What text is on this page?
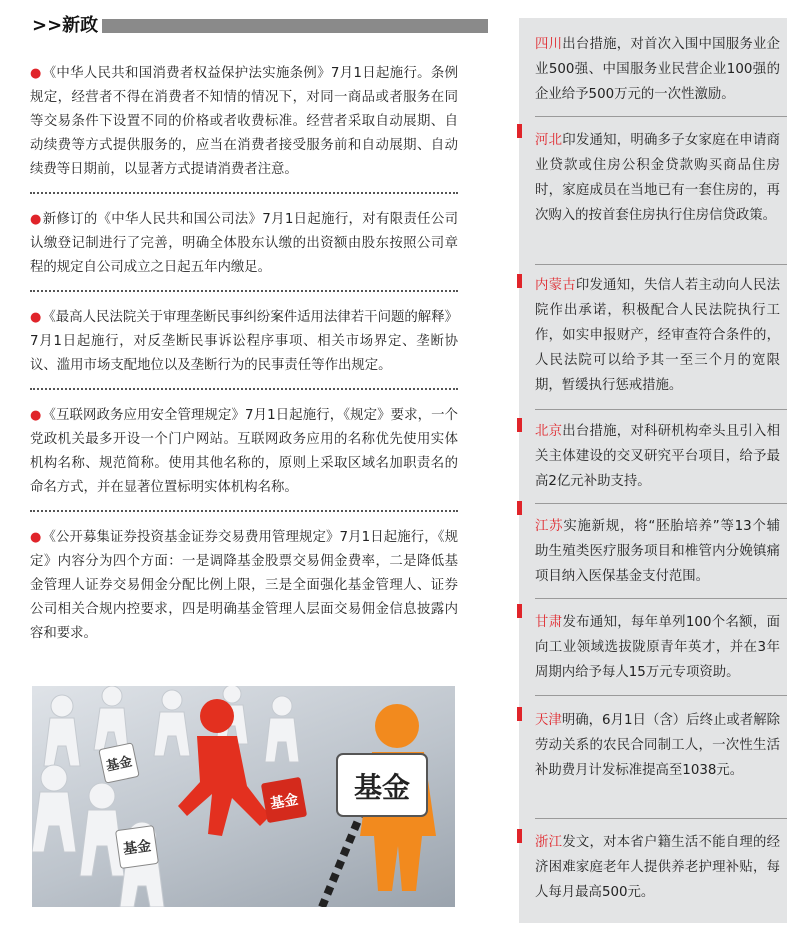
>>新政
●《中华人民共和国消费者权益保护法实施条例》7月1日起施行。条例规定，经营者不得在消费者不知情的情况下，对同一商品或者服务在同等交易条件下设置不同的价格或者收费标准。经营者采取自动展期、自动续费等方式提供服务的，应当在消费者接受服务前和自动展期、自动续费等日期前，以显著方式提请消费者注意。
●新修订的《中华人民共和国公司法》7月1日起施行，对有限责任公司认缴登记制进行了完善，明确全体股东认缴的出资额由股东按照公司章程的规定自公司成立之日起五年内缴足。
●《最高人民法院关于审理垄断民事纠纷案件适用法律若干问题的解释》7月1日起施行，对反垄断民事诉讼程序事项、相关市场界定、垄断协议、滥用市场支配地位以及垄断行为的民事责任等作出规定。
●《互联网政务应用安全管理规定》7月1日起施行，《规定》要求，一个党政机关最多开设一个门户网站。互联网政务应用的名称优先使用实体机构名称、规范简称。使用其他名称的，原则上采取区域名加职责名的命名方式，并在显著位置标明实体机构名称。
●《公开募集证券投资基金证券交易费用管理规定》7月1日起施行，《规定》内容分为四个方面：一是调降基金股票交易佣金费率，二是降低基金管理人证券交易佣金分配比例上限，三是全面强化基金管理人、证券公司相关合规内控要求，四是明确基金管理人层面交易佣金信息披露内容和要求。
基金
基金
基金 基金
四川出台措施，对首次入围中国服务业企业500强、中国服务业民营企业100强的企业给予500万元的一次性激励。
河北印发通知，明确多子女家庭在申请商业贷款或住房公积金贷款购买商品住房时，家庭成员在当地已有一套住房的，再次购入的按首套住房执行住房信贷政策。
内蒙古印发通知，失信人若主动向人民法院作出承诺，积极配合人民法院执行工作，如实申报财产，经审查符合条件的，人民法院可以给予其一至三个月的宽限期，暂缓执行惩戒措施。
北京出台措施，对科研机构牵头且引入相关主体建设的交叉研究平台项目，给予最高2亿元补助支持。
江苏实施新规，将“胚胎培养”等13个辅助生殖类医疗服务项目和椎管内分娩镇痛项目纳入医保基金支付范围。
甘肃发布通知，每年单列100个名额，面向工业领域选拔陇原青年英才，并在3年周期内给予每人15万元专项资助。
天津明确，6月1日（含）后终止或者解除劳动关系的农民合同制工人，一次性生活补助费月计发标准提高至1038元。
浙江发文，对本省户籍生活不能自理的经济困难家庭老年人提供养老护理补贴，每人每月最高500元。
